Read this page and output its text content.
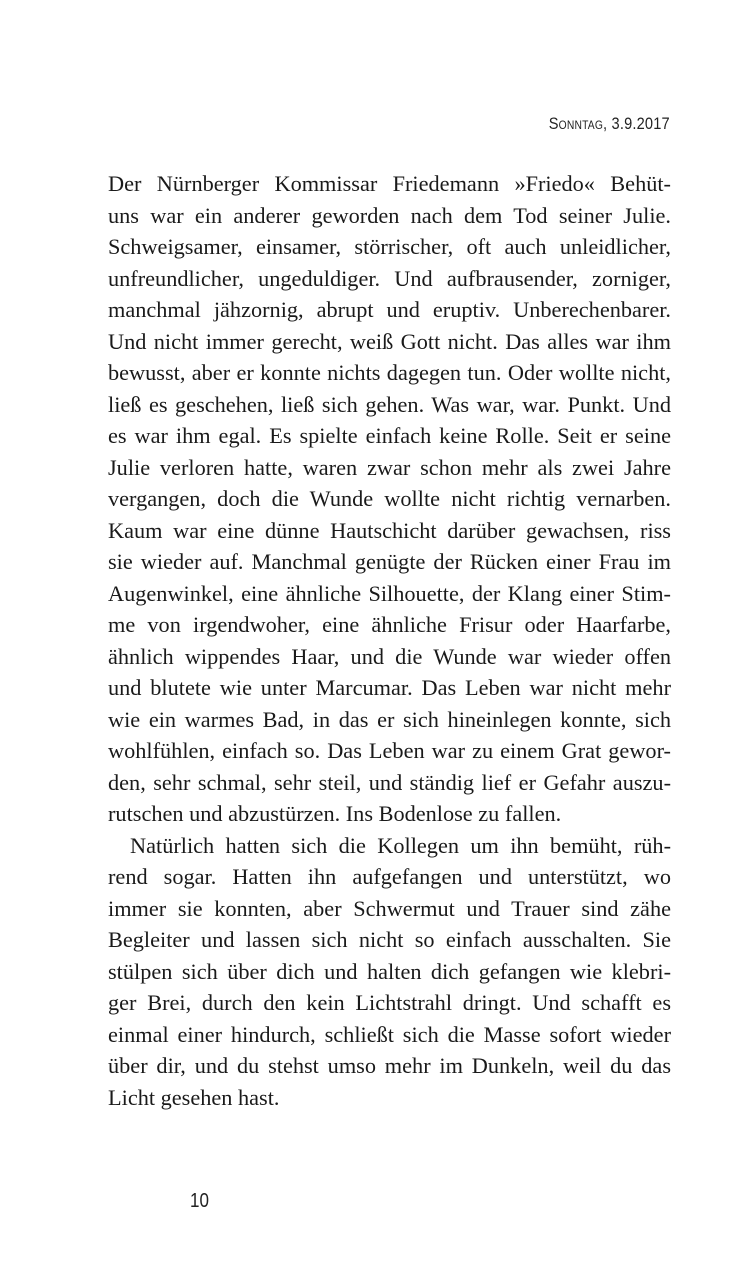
Sonntag, 3.9.2017
Der Nürnberger Kommissar Friedemann »Friedo« Behüt-
uns war ein anderer geworden nach dem Tod seiner Julie.
Schweigsamer, einsamer, störrischer, oft auch unleidlicher,
unfreundlicher, ungeduldiger. Und aufbrausender, zorniger,
manchmal jähzornig, abrupt und eruptiv. Unberechenbarer.
Und nicht immer gerecht, weiß Gott nicht. Das alles war ihm
bewusst, aber er konnte nichts dagegen tun. Oder wollte nicht,
ließ es geschehen, ließ sich gehen. Was war, war. Punkt. Und
es war ihm egal. Es spielte einfach keine Rolle. Seit er seine
Julie verloren hatte, waren zwar schon mehr als zwei Jahre
vergangen, doch die Wunde wollte nicht richtig vernarben.
Kaum war eine dünne Hautschicht darüber gewachsen, riss
sie wieder auf. Manchmal genügte der Rücken einer Frau im
Augenwinkel, eine ähnliche Silhouette, der Klang einer Stim-
me von irgendwoher, eine ähnliche Frisur oder Haarfarbe,
ähnlich wippendes Haar, und die Wunde war wieder offen
und blutete wie unter Marcumar. Das Leben war nicht mehr
wie ein warmes Bad, in das er sich hineinlegen konnte, sich
wohlfühlen, einfach so. Das Leben war zu einem Grat gewor-
den, sehr schmal, sehr steil, und ständig lief er Gefahr auszu-
rutschen und abzustürzen. Ins Bodenlose zu fallen.
Natürlich hatten sich die Kollegen um ihn bemüht, rüh-
rend sogar. Hatten ihn aufgefangen und unterstützt, wo
immer sie konnten, aber Schwermut und Trauer sind zähe
Begleiter und lassen sich nicht so einfach ausschalten. Sie
stülpen sich über dich und halten dich gefangen wie klebri-
ger Brei, durch den kein Lichtstrahl dringt. Und schafft es
einmal einer hindurch, schließt sich die Masse sofort wieder
über dir, und du stehst umso mehr im Dunkeln, weil du das
Licht gesehen hast.
10
